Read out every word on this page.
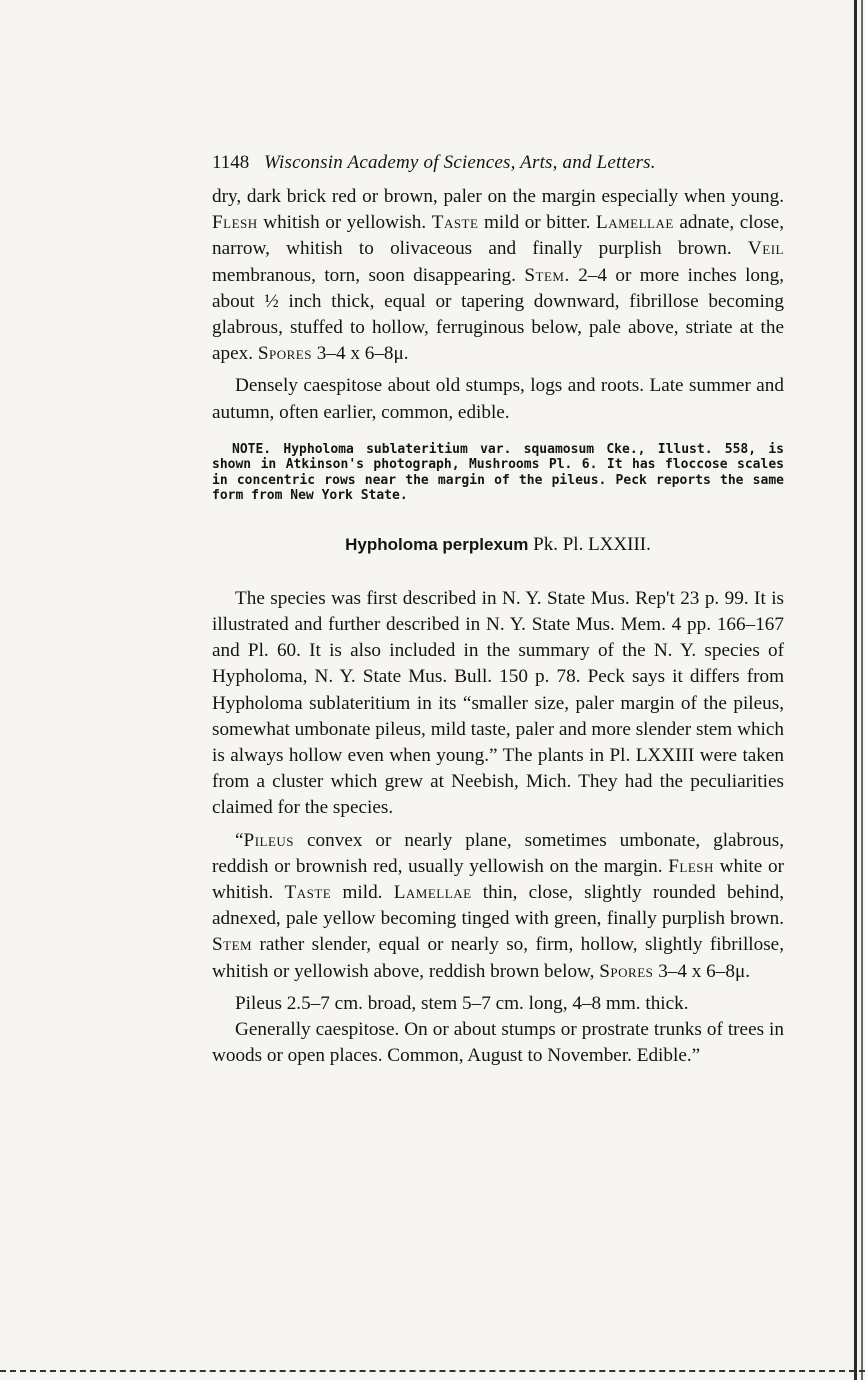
1148 Wisconsin Academy of Sciences, Arts, and Letters.

dry, dark brick red or brown, paler on the margin especially when young. Flesh whitish or yellowish. Taste mild or bitter. Lamellae adnate, close, narrow, whitish to olivaceous and finally purplish brown. Veil membranous, torn, soon disappearing. Stem. 2–4 or more inches long, about ½ inch thick, equal or tapering downward, fibrillose becoming glabrous, stuffed to hollow, ferruginous below, pale above, striate at the apex. Spores 3–4 x 6–8μ.

Densely caespitose about old stumps, logs and roots. Late summer and autumn, often earlier, common, edible.

NOTE. Hypholoma sublateritium var. squamosum Cke., Illust. 558, is shown in Atkinson's photograph, Mushrooms Pl. 6. It has floccose scales in concentric rows near the margin of the pileus. Peck reports the same form from New York State.

Hypholoma perplexum Pk. Pl. LXXIII.

The species was first described in N. Y. State Mus. Rep't 23 p. 99. It is illustrated and further described in N. Y. State Mus. Mem. 4 pp. 166–167 and Pl. 60. It is also included in the summary of the N. Y. species of Hypholoma, N. Y. State Mus. Bull. 150 p. 78. Peck says it differs from Hypholoma sublateritium in its “smaller size, paler margin of the pileus, somewhat umbonate pileus, mild taste, paler and more slender stem which is always hollow even when young.” The plants in Pl. LXXIII were taken from a cluster which grew at Neebish, Mich. They had the peculiarities claimed for the species.

“Pileus convex or nearly plane, sometimes umbonate, glabrous, reddish or brownish red, usually yellowish on the margin. Flesh white or whitish. Taste mild. Lamellae thin, close, slightly rounded behind, adnexed, pale yellow becoming tinged with green, finally purplish brown. Stem rather slender, equal or nearly so, firm, hollow, slightly fibrillose, whitish or yellowish above, reddish brown below, Spores 3–4 x 6–8μ.

Pileus 2.5–7 cm. broad, stem 5–7 cm. long, 4–8 mm. thick.

Generally caespitose. On or about stumps or prostrate trunks of trees in woods or open places. Common, August to November. Edible.”
